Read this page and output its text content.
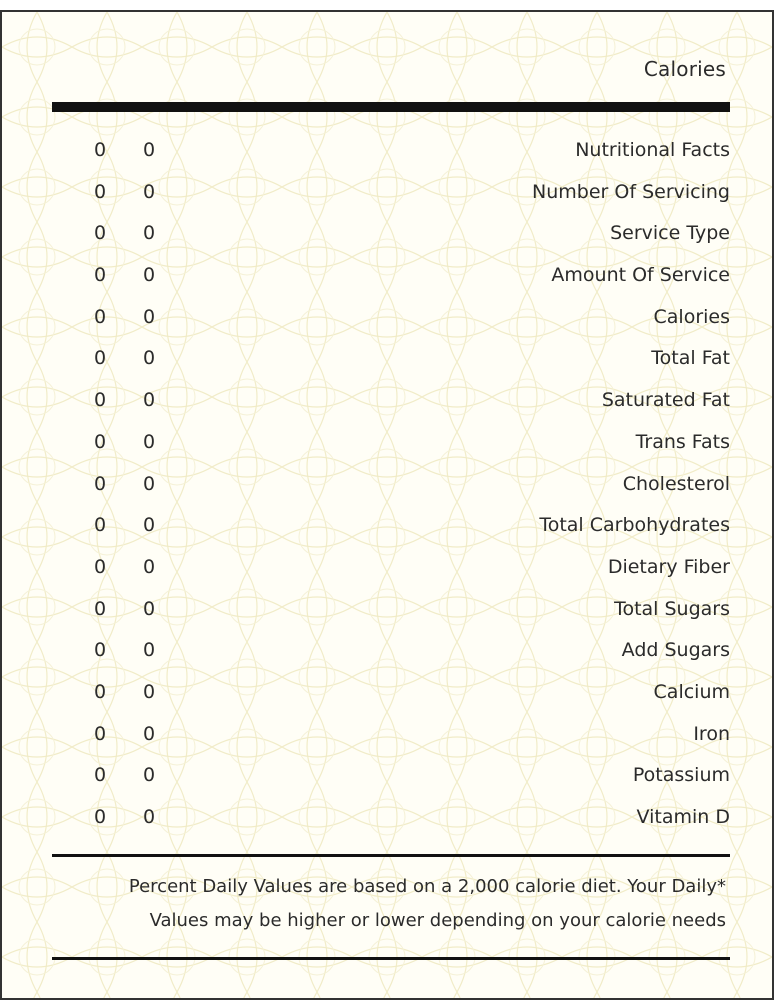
Calories
0 0	Nutritional Facts
0 0	Number Of Servicing
0 0	Service Type
0 0	Amount Of Service
0 0	Calories
0 0	Total Fat
0 0	Saturated Fat
0 0	Trans Fats
0 0	Cholesterol
0 0	Total Carbohydrates
0 0	Dietary Fiber
0 0	Total Sugars
0 0	Add Sugars
0 0	Calcium
0 0	Iron
0 0	Potassium
0 0	Vitamin D
Percent Daily Values are based on a 2,000 calorie diet. Your Daily*
Values may be higher or lower depending on your calorie needs
